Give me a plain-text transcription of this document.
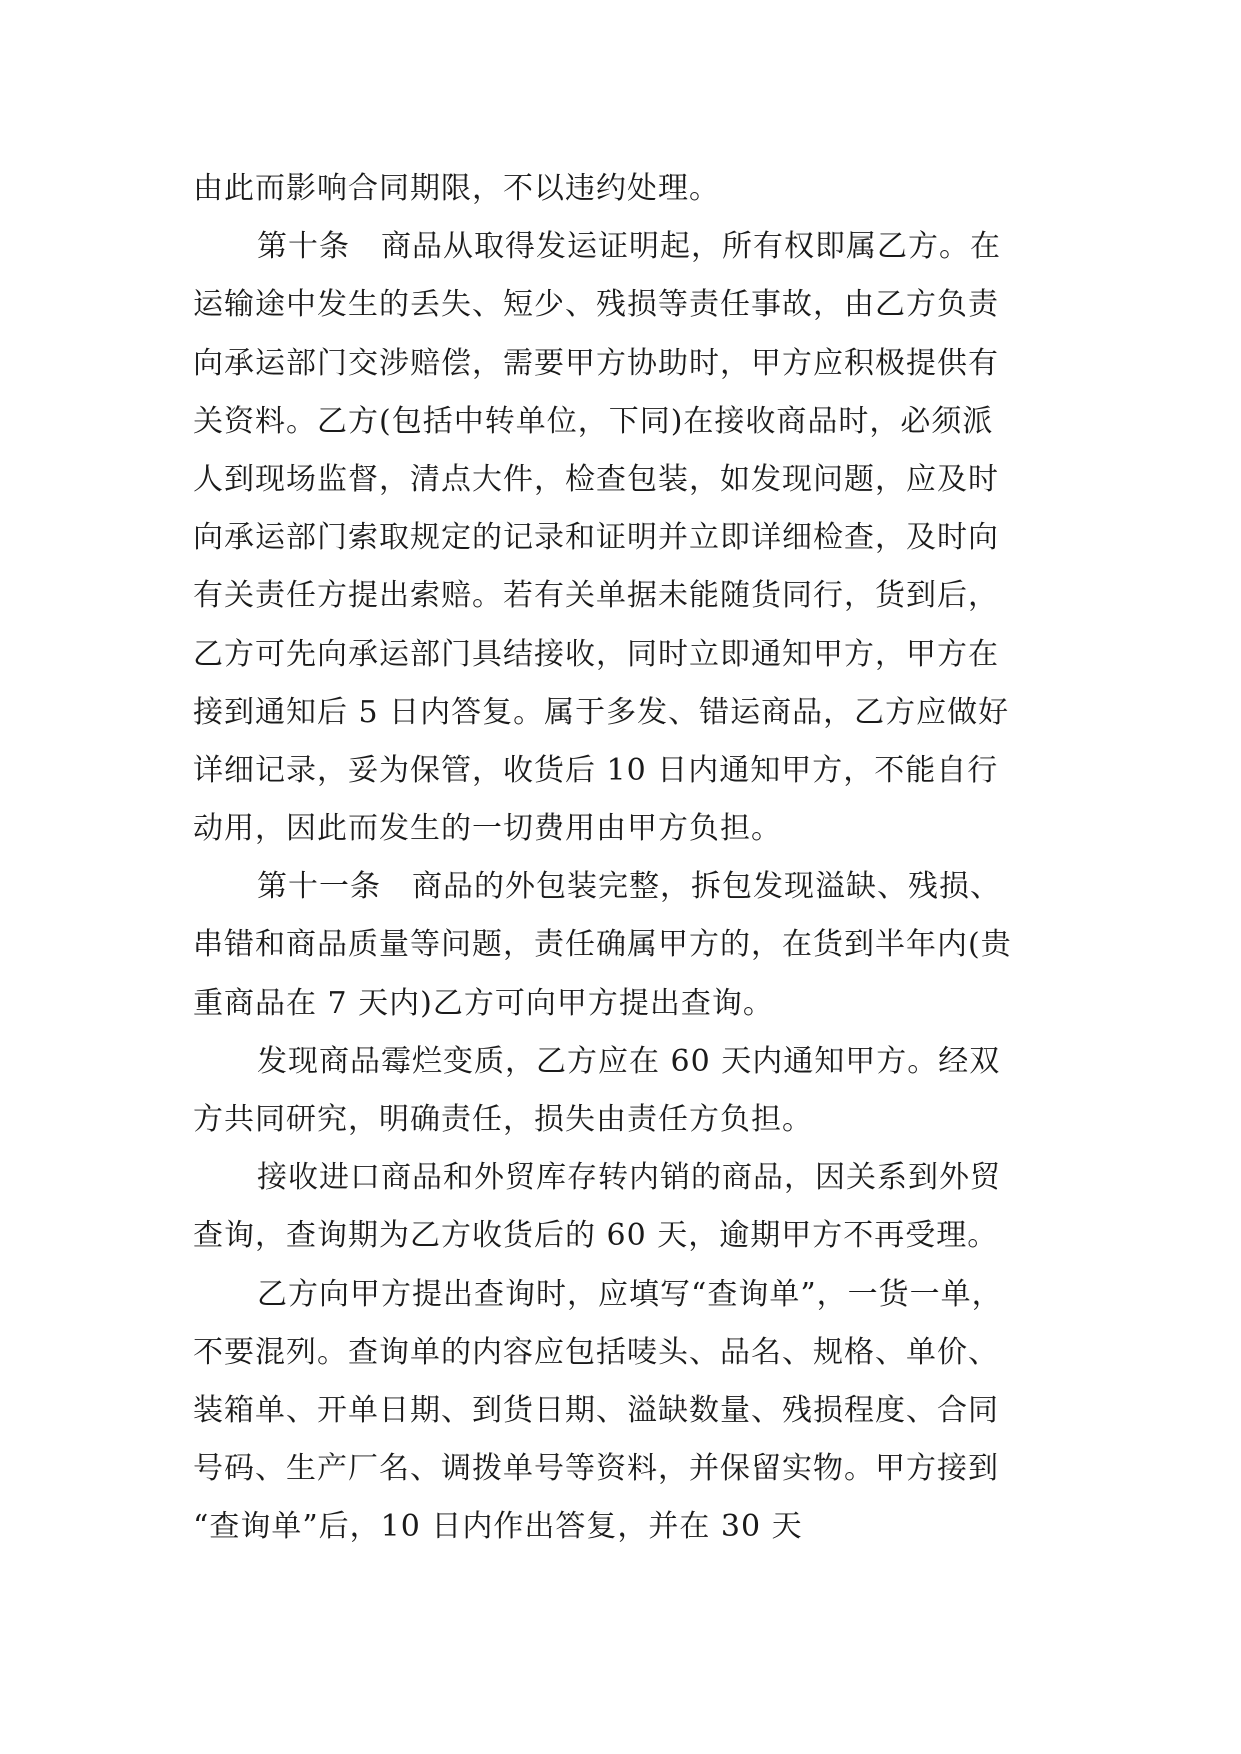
由此而影响合同期限，不以违约处理。
第十条　商品从取得发运证明起，所有权即属乙方。在
运输途中发生的丢失、短少、残损等责任事故，由乙方负责
向承运部门交涉赔偿，需要甲方协助时，甲方应积极提供有
关资料。乙方(包括中转单位，下同)在接收商品时，必须派
人到现场监督，清点大件，检查包装，如发现问题，应及时
向承运部门索取规定的记录和证明并立即详细检查，及时向
有关责任方提出索赔。若有关单据未能随货同行，货到后，
乙方可先向承运部门具结接收，同时立即通知甲方，甲方在
接到通知后 5 日内答复。属于多发、错运商品，乙方应做好
详细记录，妥为保管，收货后 10 日内通知甲方，不能自行
动用，因此而发生的一切费用由甲方负担。
第十一条　商品的外包装完整，拆包发现溢缺、残损、
串错和商品质量等问题，责任确属甲方的，在货到半年内(贵
重商品在 7 天内)乙方可向甲方提出查询。
发现商品霉烂变质，乙方应在 60 天内通知甲方。经双
方共同研究，明确责任，损失由责任方负担。
接收进口商品和外贸库存转内销的商品，因关系到外贸
查询，查询期为乙方收货后的 60 天，逾期甲方不再受理。
乙方向甲方提出查询时，应填写“查询单”，一货一单，
不要混列。查询单的内容应包括唛头、品名、规格、单价、
装箱单、开单日期、到货日期、溢缺数量、残损程度、合同
号码、生产厂名、调拨单号等资料，并保留实物。甲方接到
“查询单”后，10 日内作出答复，并在 30 天
